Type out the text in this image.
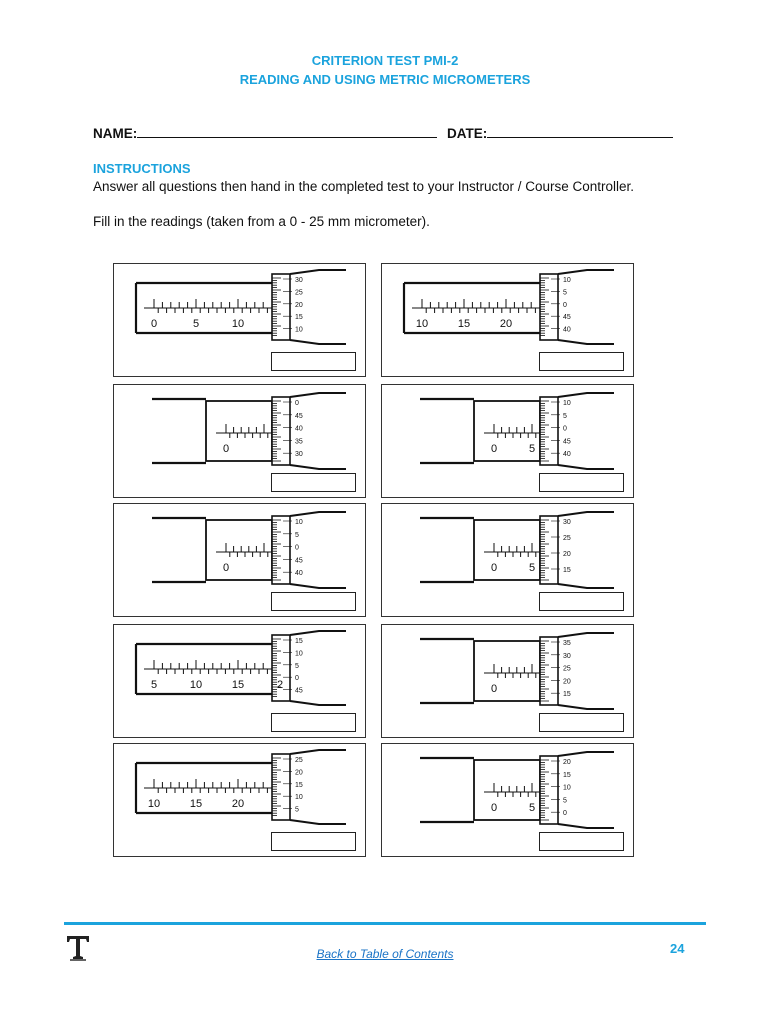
CRITERION TEST PMI-2
READING AND USING METRIC MICROMETERS
NAME:	DATE:
INSTRUCTIONS
Answer all questions then hand in the completed test to your Instructor / Course Controller.
Fill in the readings (taken from a 0 - 25 mm micrometer).
30
25
20
15
10
0	5	10
10
5
0
45
40
10	15	20
0
45
40
35
30
0
10
5
0
45
40
0	5
10
5
0
45
40
0
30
25
20
15
0	5
15
10
5
0
45
5	10	15	2
35
30
25
20
15
0
25
20
15
10
5
10	15	20
20
15
10
5
0
0	5
Back to Table of Contents	24
